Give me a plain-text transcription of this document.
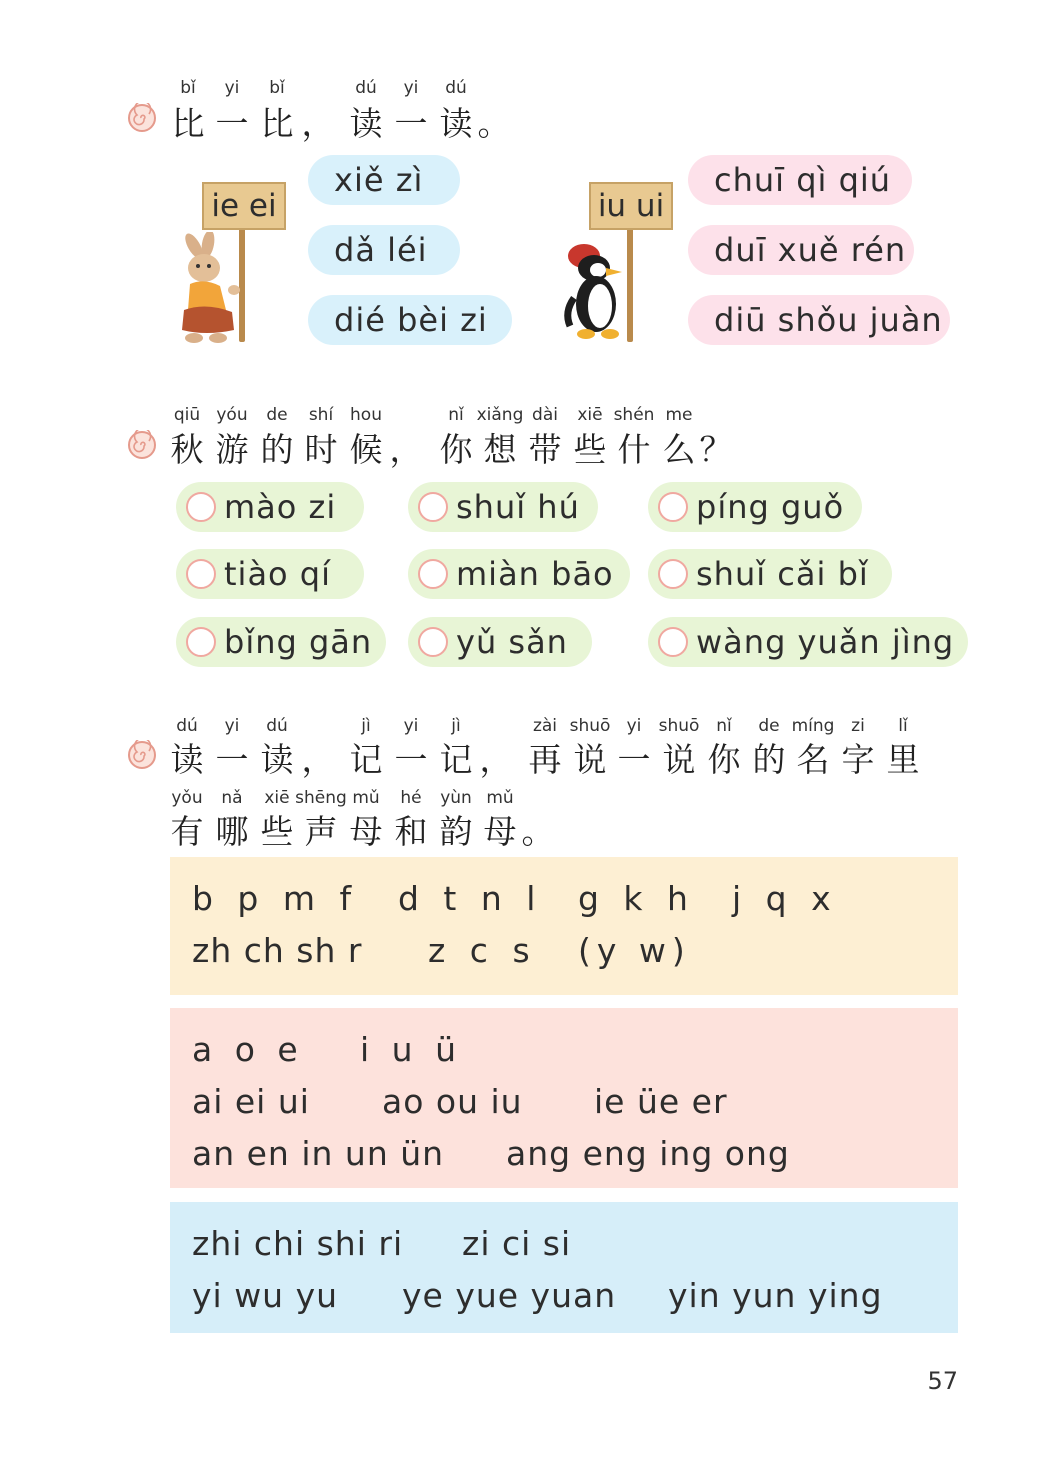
bǐ yi bǐ	dú yi dú
比 一 比 ， 读 一 读 。
ie ei
xiě zì
dǎ léi
dié bèi zi
iu ui
chuī qì qiú
duī xuě rén
diū shǒu juàn
qiū yóu de shí hou	nǐ xiǎng dài xiē shén me
秋 游 的 时 候 ， 你 想 带 些 什 么 ？
mào zi	shuǐ hú	píng guǒ
tiào qí	miàn bāo	shuǐ cǎi bǐ
bǐng gān	yǔ sǎn	wàng yuǎn jìng
dú yi dú	jì yi jì	zài shuō yi shuō nǐ de míng zi lǐ
读 一 读 ， 记 一 记 ， 再 说 一 说 你 的 名 字 里
yǒu nǎ xiē shēng mǔ hé yùn mǔ
有 哪 些 声 母 和 韵 母 。
b p m f d t n l g k h j q x
zh ch sh r z c s (y w)
a o e i u ü
ai ei ui ao ou iu ie üe er
an en in un ün ang eng ing ong
zhi chi shi ri zi ci si
yi wu yu ye yue yuan yin yun ying
57
